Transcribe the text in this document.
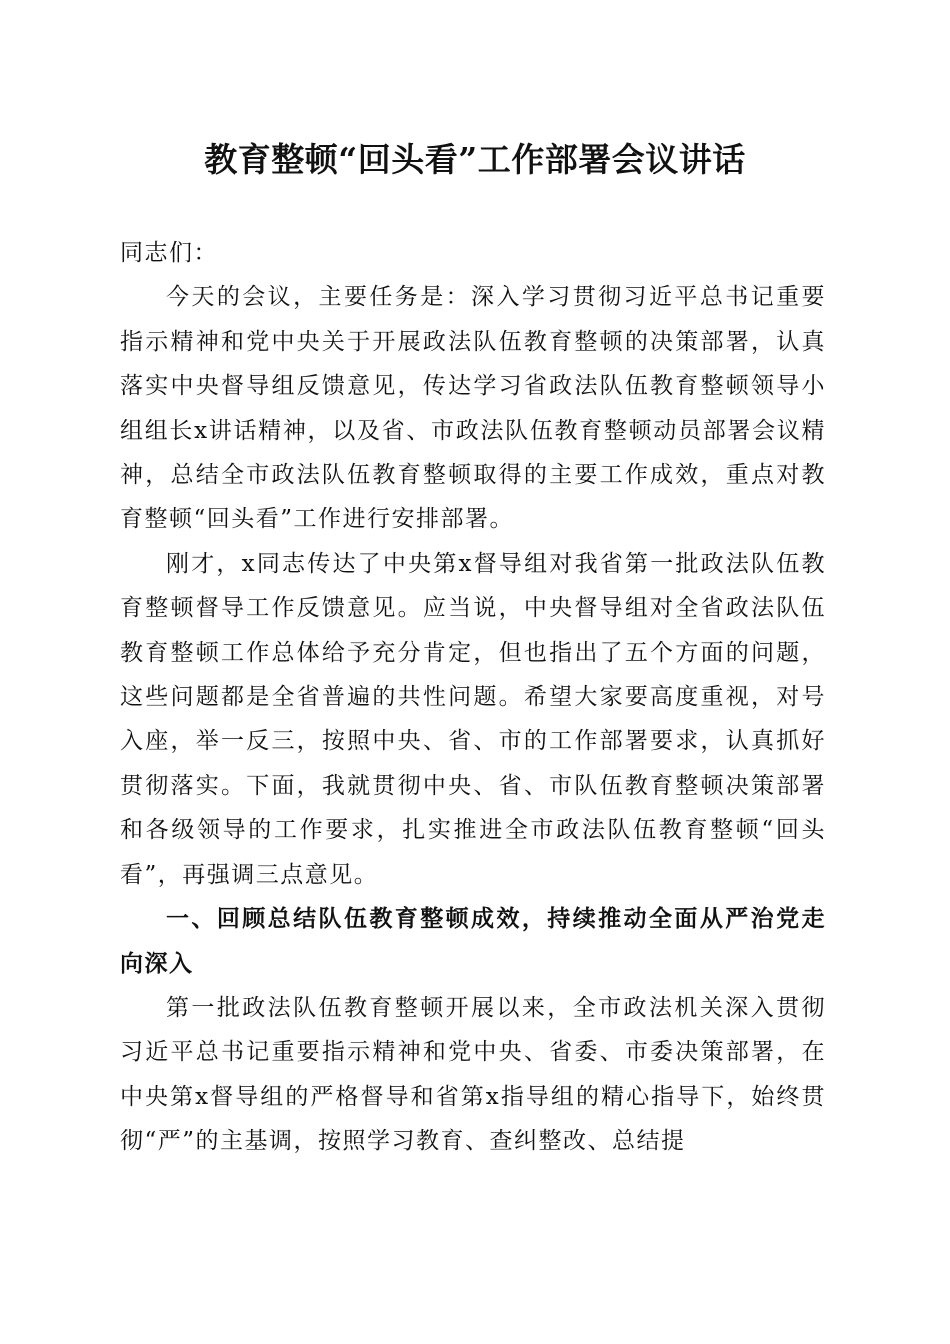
教育整顿“回头看”工作部署会议讲话

同志们：

今天的会议，主要任务是：深入学习贯彻习近平总书记重要指示精神和党中央关于开展政法队伍教育整顿的决策部署，认真落实中央督导组反馈意见，传达学习省政法队伍教育整顿领导小组组长x讲话精神，以及省、市政法队伍教育整顿动员部署会议精神，总结全市政法队伍教育整顿取得的主要工作成效，重点对教育整顿“回头看”工作进行安排部署。

刚才，x同志传达了中央第x督导组对我省第一批政法队伍教育整顿督导工作反馈意见。应当说，中央督导组对全省政法队伍教育整顿工作总体给予充分肯定，但也指出了五个方面的问题，这些问题都是全省普遍的共性问题。希望大家要高度重视，对号入座，举一反三，按照中央、省、市的工作部署要求，认真抓好贯彻落实。下面，我就贯彻中央、省、市队伍教育整顿决策部署和各级领导的工作要求，扎实推进全市政法队伍教育整顿“回头看”，再强调三点意见。

一、回顾总结队伍教育整顿成效，持续推动全面从严治党走向深入

第一批政法队伍教育整顿开展以来，全市政法机关深入贯彻习近平总书记重要指示精神和党中央、省委、市委决策部署，在中央第x督导组的严格督导和省第x指导组的精心指导下，始终贯彻“严”的主基调，按照学习教育、查纠整改、总结提
